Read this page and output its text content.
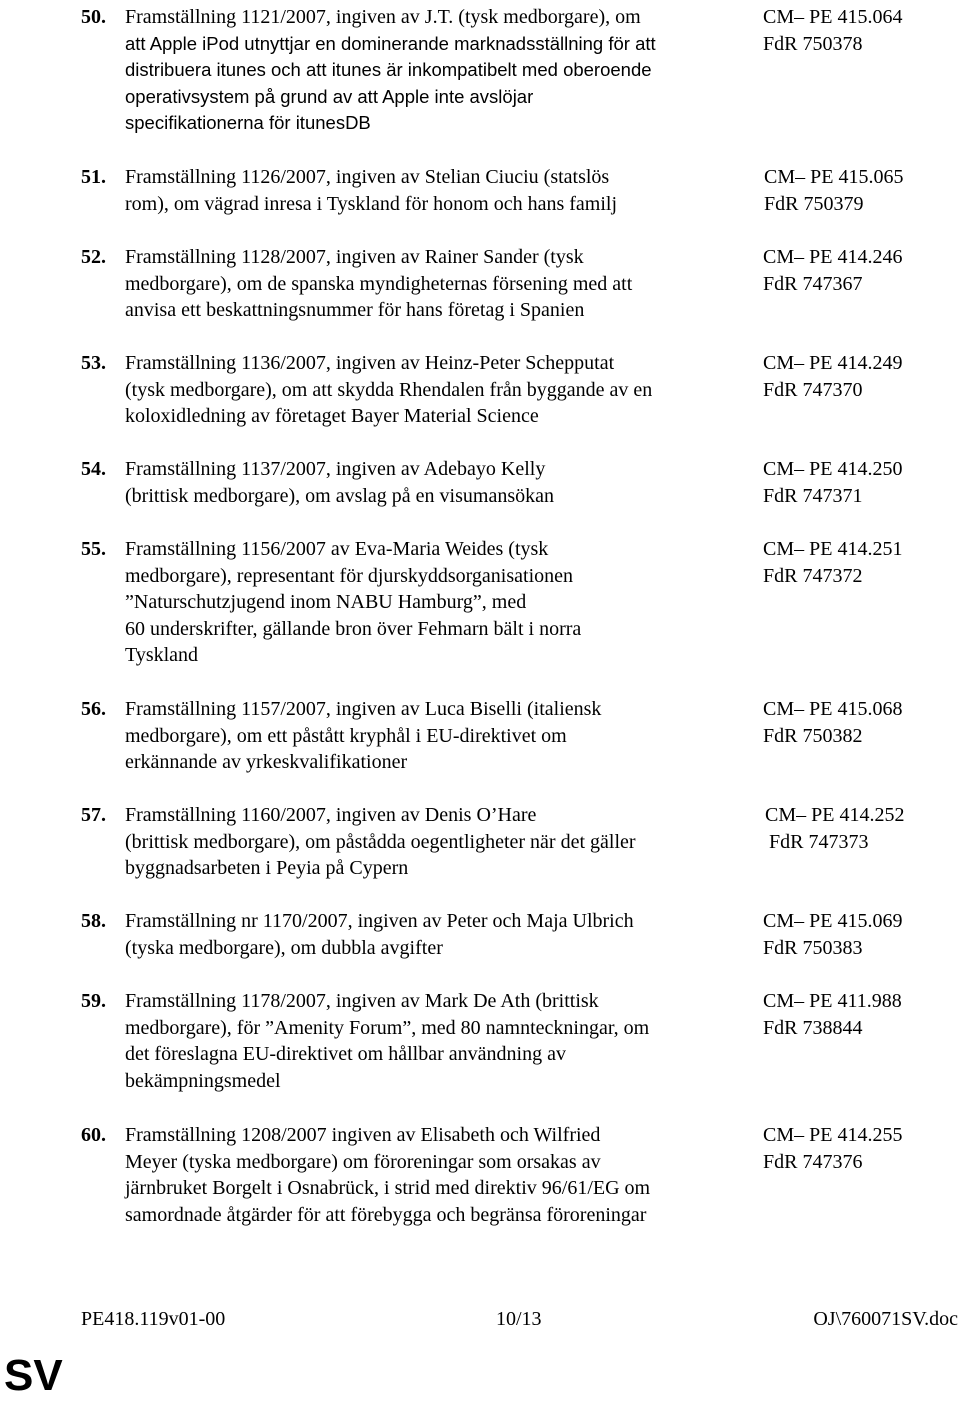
50. Framställning 1121/2007, ingiven av J.T. (tysk medborgare), om
att Apple iPod utnyttjar en dominerande marknadsställning för att
distribuera itunes och att itunes är inkompatibelt med oberoende
operativsystem på grund av att Apple inte avslöjar
specifikationerna för itunesDB
CM– PE 415.064
FdR 750378
51. Framställning 1126/2007, ingiven av Stelian Ciuciu (statslös
rom), om vägrad inresa i Tyskland för honom och hans familj
CM– PE 415.065
FdR 750379
52. Framställning 1128/2007, ingiven av Rainer Sander (tysk
medborgare), om de spanska myndigheternas försening med att
anvisa ett beskattningsnummer för hans företag i Spanien
CM– PE 414.246
FdR 747367
53. Framställning 1136/2007, ingiven av Heinz-Peter Schepputat
(tysk medborgare), om att skydda Rhendalen från byggande av en
koloxidledning av företaget Bayer Material Science
CM– PE 414.249
FdR 747370
54. Framställning 1137/2007, ingiven av Adebayo Kelly
(brittisk medborgare), om avslag på en visumansökan
CM– PE 414.250
FdR 747371
55. Framställning 1156/2007 av Eva-Maria Weides (tysk
medborgare), representant för djurskyddsorganisationen
”Naturschutzjugend inom NABU Hamburg”, med
60 underskrifter, gällande bron över Fehmarn bält i norra
Tyskland
CM– PE 414.251
FdR 747372
56. Framställning 1157/2007, ingiven av Luca Biselli (italiensk
medborgare), om ett påstått kryphål i EU-direktivet om
erkännande av yrkeskvalifikationer
CM– PE 415.068
FdR 750382
57. Framställning 1160/2007, ingiven av Denis O’Hare
(brittisk medborgare), om påstådda oegentligheter när det gäller
byggnadsarbeten i Peyia på Cypern
CM– PE 414.252
FdR 747373
58. Framställning nr 1170/2007, ingiven av Peter och Maja Ulbrich
(tyska medborgare), om dubbla avgifter
CM– PE 415.069
FdR 750383
59. Framställning 1178/2007, ingiven av Mark De Ath (brittisk
medborgare), för ”Amenity Forum”, med 80 namnteckningar, om
det föreslagna EU-direktivet om hållbar användning av
bekämpningsmedel
CM– PE 411.988
FdR 738844
60. Framställning 1208/2007 ingiven av Elisabeth och Wilfried
Meyer (tyska medborgare) om föroreningar som orsakas av
järnbruket Borgelt i Osnabrück, i strid med direktiv 96/61/EG om
samordnade åtgärder för att förebygga och begränsa föroreningar
CM– PE 414.255
FdR 747376
PE418.119v01-00	10/13	OJ\760071SV.doc
SV
